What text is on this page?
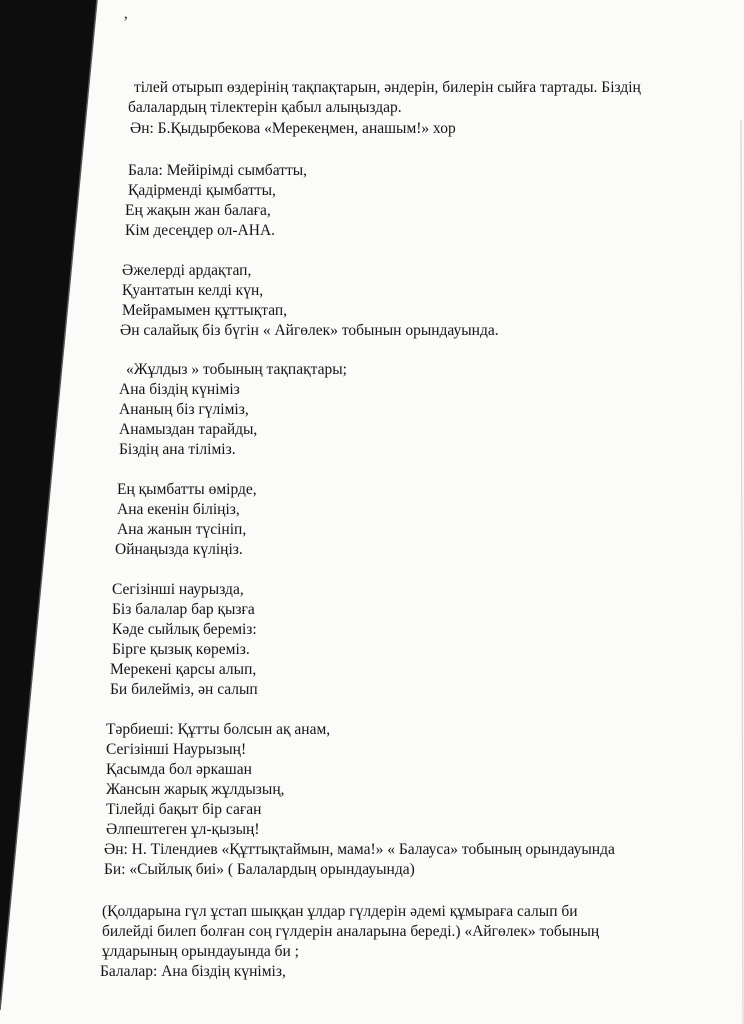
ʼ
тілей отырып өздерінің тақпақтарын, әндерін, билерін сыйға тартады. Біздің
балалардың тілектерін қабыл алыңыздар.
Ән: Б.Қыдырбекова «Мерекеңмен, анашым!» хор
Бала: Мейірімді сымбатты,
Қадірменді қымбатты,
Ең жақын жан балаға,
Кім десеңдер ол-АНА.
Әжелерді ардақтап,
Қуантатын келді күн,
Мейрамымен құттықтап,
Ән салайық біз бүгін « Айгөлек» тобынын орындауында.
«Жұлдыз » тобының тақпақтары;
Ана біздің күніміз
Ананың біз гүліміз,
Анамыздан тарайды,
Біздің ана тіліміз.
Ең қымбатты өмірде,
Ана екенін біліңіз,
Ана жанын түсініп,
Ойнаңызда күліңіз.
Сегізінші наурызда,
Біз балалар бар қызға
Кәде сыйлық береміз:
Бірге қызық көреміз.
Мерекені қарсы алып,
Би билейміз, ән салып
Тәрбиеші: Құтты болсын ақ анам,
Сегізінші Наурызың!
Қасымда бол әркашан
Жансын жарық жұлдызың,
Тілейді бақыт бір саған
Әлпештеген ұл-қызың!
Ән: Н. Тілендиев «Құттықтаймын, мама!» « Балауса» тобының орындауында
Би: «Сыйлық биі» ( Балалардың орындауында)
(Қолдарына гүл ұстап шыққан ұлдар гүлдерін әдемі құмыраға салып би
билейді билеп болған соң гүлдерін аналарына береді.) «Айгөлек» тобының
ұлдарының орындауында би ;
Балалар: Ана біздің күніміз,
